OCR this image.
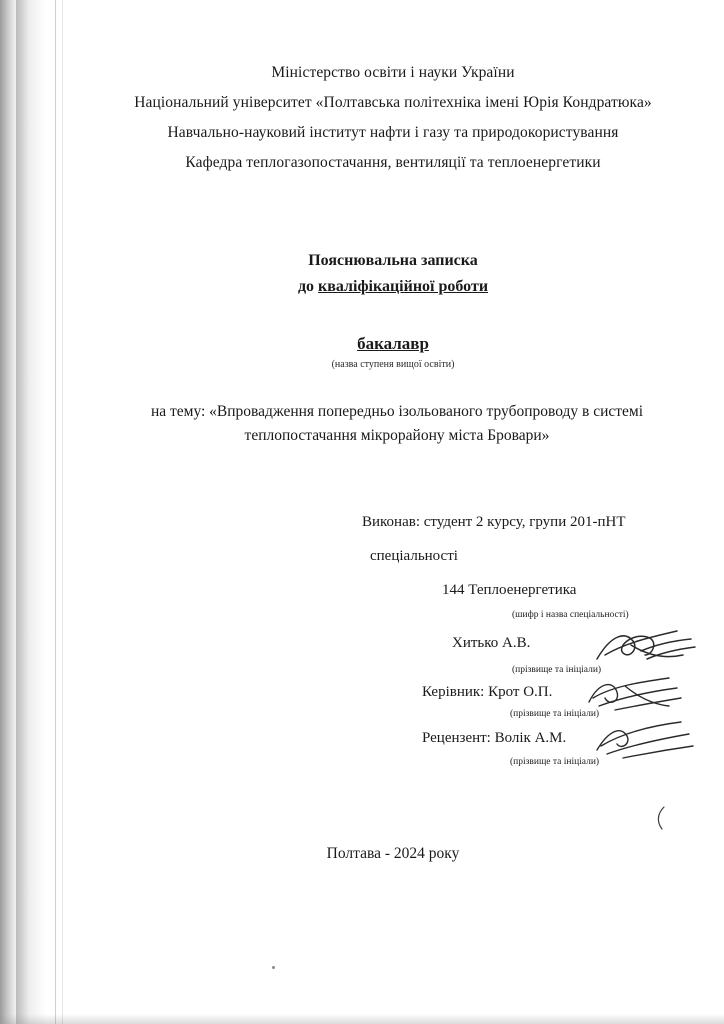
Міністерство освіти і науки України
Національний університет «Полтавська політехніка імені Юрія Кондратюка»
Навчально-науковий інститут нафти і газу та природокористування
Кафедра теплогазопостачання, вентиляції та теплоенергетики
Пояснювальна записка
до кваліфікаційної роботи
бакалавр
(назва ступеня вищої освіти)
на тему: «Впровадження попередньо ізольованого трубопроводу в системі
теплопостачання мікрорайону міста Бровари»
Виконав: студент 2 курсу, групи 201-пНТ
спеціальності
144 Теплоенергетика
(шифр і назва спеціальності)
Хитько А.В.
(прізвище та ініціали)
Керівник: Крот О.П.
(прізвище та ініціали)
Рецензент: Волік А.М.
(прізвище та ініціали)
Полтава - 2024 року
